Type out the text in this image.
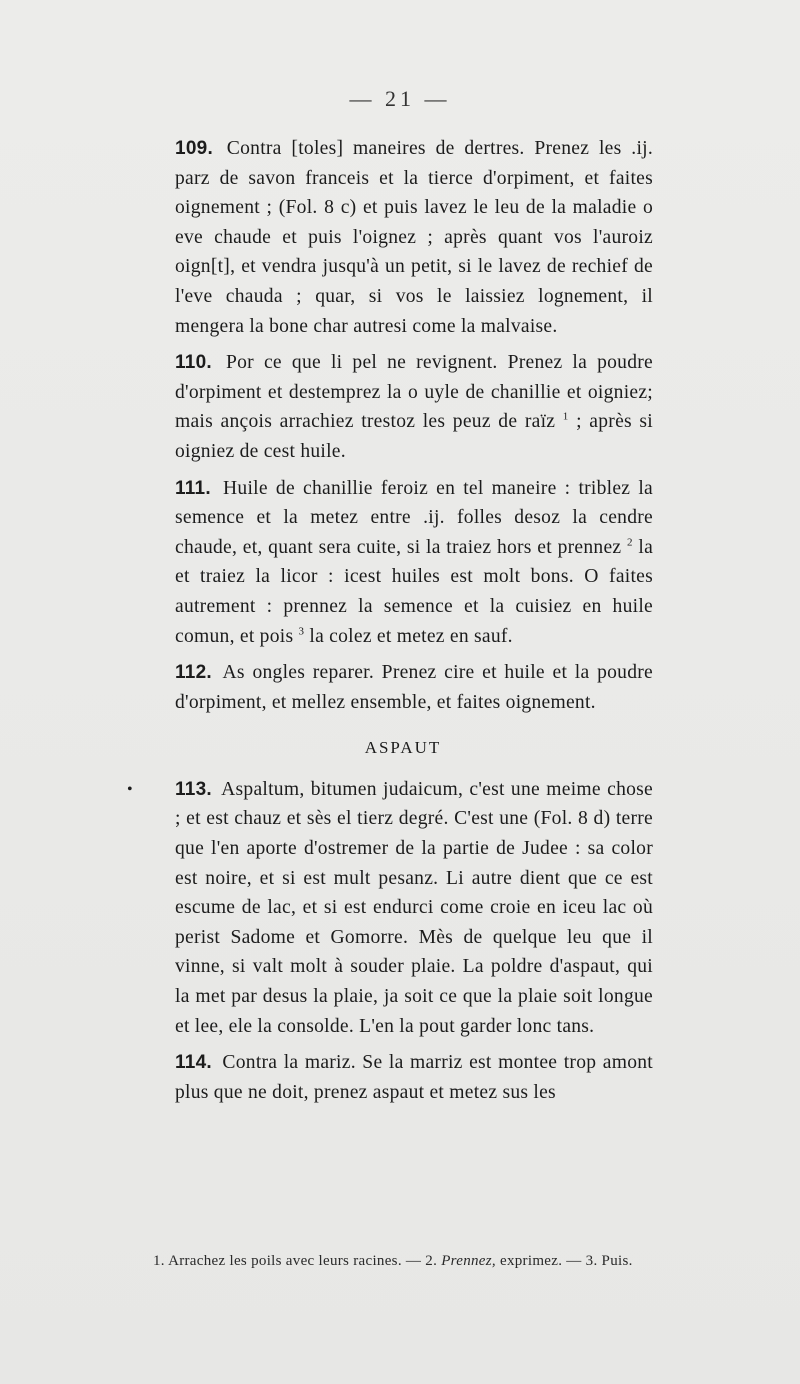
— 21 —

109. Contra [toles] maneires de dertres. Prenez les .ij. parz de savon franceis et la tierce d'orpiment, et faites oignement ; (Fol. 8 c) et puis lavez le leu de la maladie o eve chaude et puis l'oignez ; après quant vos l'auroiz oign[t], et vendra jusqu'à un petit, si le lavez de rechief de l'eve chauda ; quar, si vos le laissiez lognement, il mengera la bone char autresi come la malvaise.

110. Por ce que li pel ne revignent. Prenez la poudre d'orpiment et destemprez la o uyle de chanillie et oigniez; mais ançois arrachiez trestoz les peuz de raïz $^1$ ; après si oigniez de cest huile.

111. Huile de chanillie feroiz en tel maneire : triblez la semence et la metez entre .ij. folles desoz la cendre chaude, et, quant sera cuite, si la traiez hors et prennez $^2$ la et traiez la licor : icest huiles est molt bons. O faites autrement : prennez la semence et la cuisiez en huile comun, et pois $^3$ la colez et metez en sauf.

112. As ongles reparer. Prenez cire et huile et la poudre d'orpiment, et mellez ensemble, et faites oignement.

ASPAUT

• 113. Aspaltum, bitumen judaicum, c'est une meime chose ; et est chauz et sès el tierz degré. C'est une (Fol. 8 d) terre que l'en aporte d'ostremer de la partie de Judee : sa color est noire, et si est mult pesanz. Li autre dient que ce est escume de lac, et si est endurci come croie en iceu lac où perist Sadome et Gomorre. Mès de quelque leu que il vinne, si valt molt à souder plaie. La poldre d'aspaut, qui la met par desus la plaie, ja soit ce que la plaie soit longue et lee, ele la consolde. L'en la pout garder lonc tans.

114. Contra la mariz. Se la marriz est montee trop amont plus que ne doit, prenez aspaut et metez sus les

1. Arrachez les poils avec leurs racines. — 2. Prennez, exprimez. — 3. Puis.
